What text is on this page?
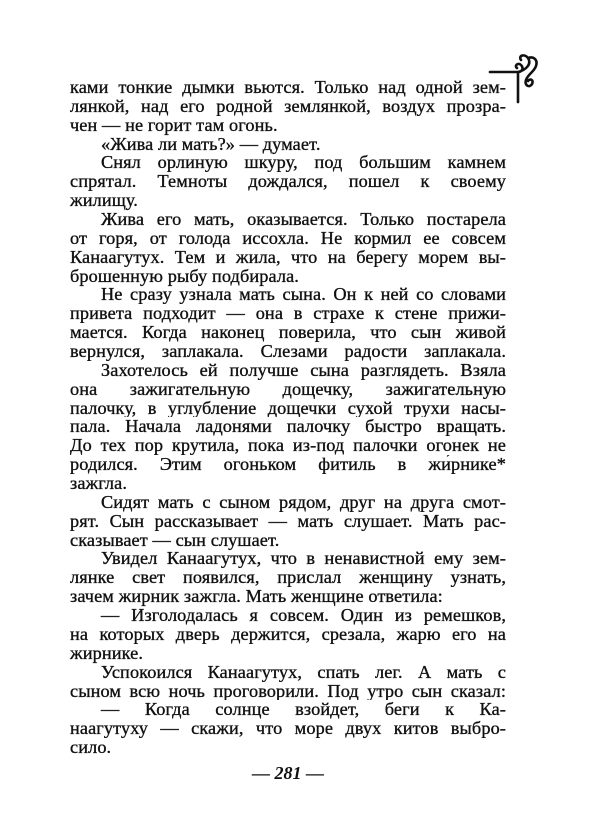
ками тонкие дымки вьются. Только над одной зем-
лянкой, над его родной землянкой, воздух прозра-
чен — не горит там огонь.
«Жива ли мать?» — думает.
Снял орлиную шкуру, под большим камнем
спрятал. Темноты дождался, пошел к своему
жилищу.
Жива его мать, оказывается. Только постарела
от горя, от голода иссохла. Не кормил ее совсем
Канаагутух. Тем и жила, что на берегу морем вы-
брошенную рыбу подбирала.
Не сразу узнала мать сына. Он к ней со словами
привета подходит — она в страхе к стене прижи-
мается. Когда наконец поверила, что сын живой
вернулся, заплакала. Слезами радости заплакала.
Захотелось ей получше сына разглядеть. Взяла
она зажигательную дощечку, зажигательную
палочку, в углубление дощечки сухой трухи насы-
пала. Начала ладонями палочку быстро вращать.
До тех пор крутила, пока из-под палочки огонек не
родился. Этим огоньком фитиль в жи́рнике*
зажгла.
Сидят мать с сыном рядом, друг на друга смот-
рят. Сын рассказывает — мать слушает. Мать рас-
сказывает — сын слушает.
Увидел Канаагутух, что в ненавистной ему зем-
лянке свет появился, прислал женщину узнать,
зачем жирник зажгла. Мать женщине ответила:
— Изголодалась я совсем. Один из ремешков,
на которых дверь держится, срезала, жарю его на
жирнике.
Успокоился Канаагутух, спать лег. А мать с
сыном всю ночь проговорили. Под утро сын сказал:
— Когда солнце взойдет, беги к Ка-
наагутуху — скажи, что море двух китов выбро-
сило.
— 281 —
